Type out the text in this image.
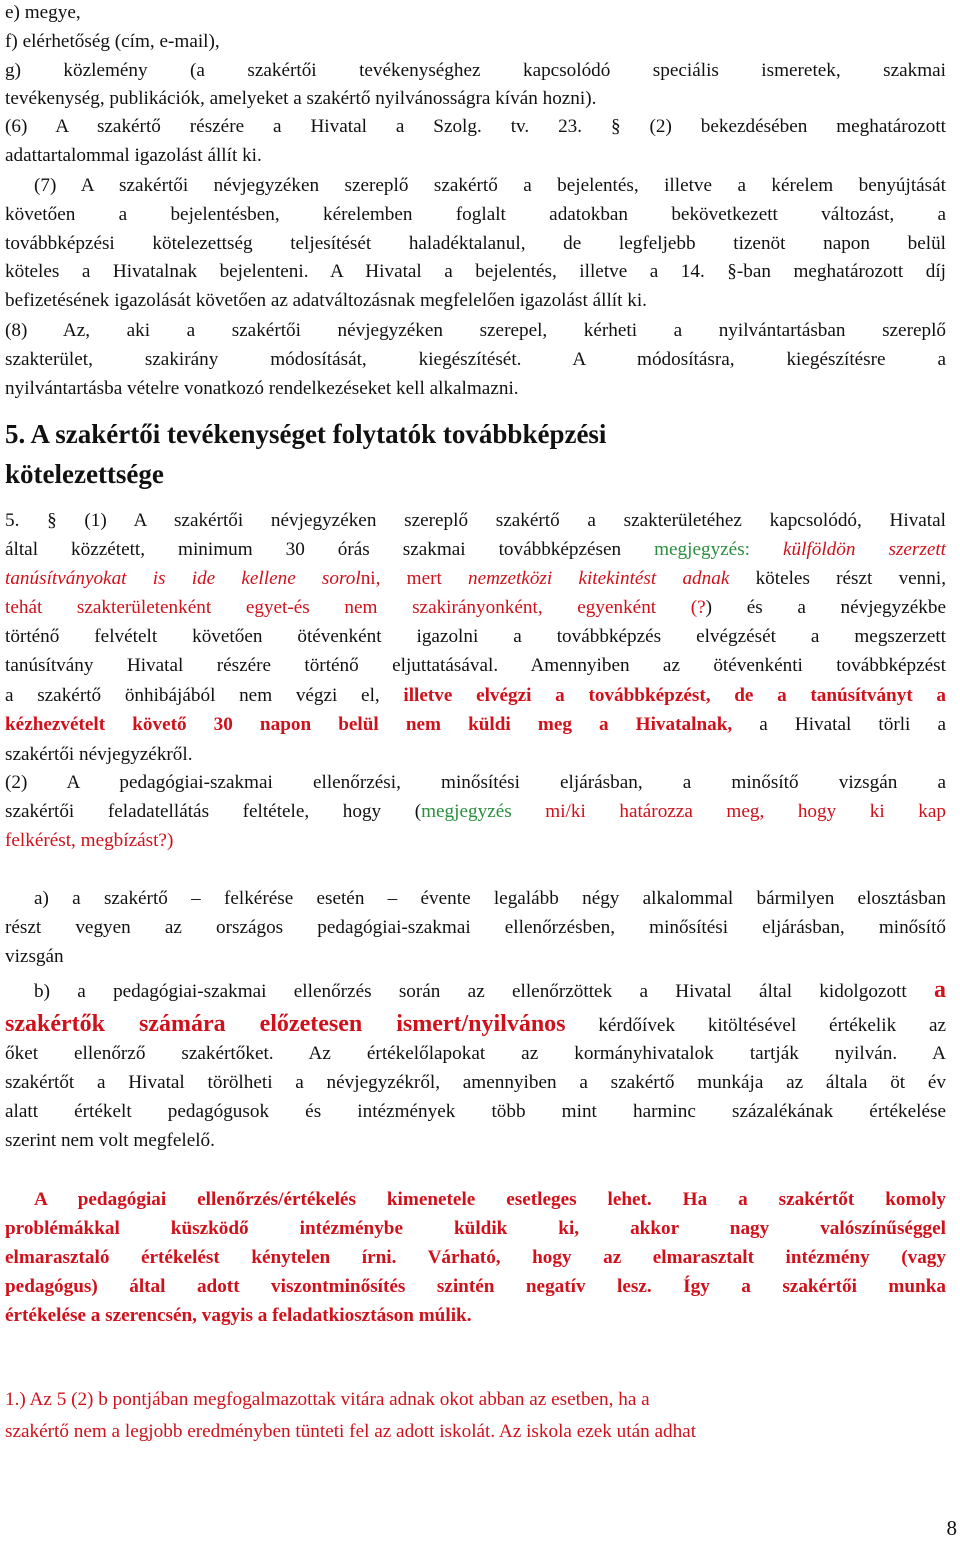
e) megye,
f) elérhetőség (cím, e-mail),
g) közlemény (a szakértői tevékenységhez kapcsolódó speciális ismeretek, szakmai
tevékenység, publikációk, amelyeket a szakértő nyilvánosságra kíván hozni).
(6) A szakértő részére a Hivatal a Szolg. tv. 23. § (2) bekezdésében meghatározott
adattartalommal igazolást állít ki.
(7) A szakértői névjegyzéken szereplő szakértő a bejelentés, illetve a kérelem benyújtását
követően a bejelentésben, kérelemben foglalt adatokban bekövetkezett változást, a
továbbképzési kötelezettség teljesítését haladéktalanul, de legfeljebb tizenöt napon belül
köteles a Hivatalnak bejelenteni. A Hivatal a bejelentés, illetve a 14. §-ban meghatározott díj
befizetésének igazolását követően az adatváltozásnak megfelelően igazolást állít ki.
(8) Az, aki a szakértői névjegyzéken szerepel, kérheti a nyilvántartásban szereplő
szakterület, szakirány módosítását, kiegészítését. A módosításra, kiegészítésre a
nyilvántartásba vételre vonatkozó rendelkezéseket kell alkalmazni.
5. A szakértői tevékenységet folytatók továbbképzési
kötelezettsége
5. § (1) A szakértői névjegyzéken szereplő szakértő a szakterületéhez kapcsolódó, Hivatal
által közzétett, minimum 30 órás szakmai továbbképzésen megjegyzés: külföldön szerzett
tanúsítványokat is ide kellene sorolni, mert nemzetközi kitekintést adnak köteles részt venni,
tehát szakterületenként egyet-és nem szakirányonként, egyenként (?) és a névjegyzékbe
történő felvételt követően ötévenként igazolni a továbbképzés elvégzését a megszerzett
tanúsítvány Hivatal részére történő eljuttatásával. Amennyiben az ötévenkénti továbbképzést
a szakértő önhibájából nem végzi el, illetve elvégzi a továbbképzést, de a tanúsítványt a
kézhezvételt követő 30 napon belül nem küldi meg a Hivatalnak, a Hivatal törli a
szakértői névjegyzékről.
(2) A pedagógiai-szakmai ellenőrzési, minősítési eljárásban, a minősítő vizsgán a
szakértői feladatellátás feltétele, hogy (megjegyzés mi/ki határozza meg, hogy ki kap
felkérést, megbízást?)
a) a szakértő – felkérése esetén – évente legalább négy alkalommal bármilyen elosztásban
részt vegyen az országos pedagógiai-szakmai ellenőrzésben, minősítési eljárásban, minősítő
vizsgán
b) a pedagógiai-szakmai ellenőrzés során az ellenőrzöttek a Hivatal által kidolgozott a
szakértők számára előzetesen ismert/nyilvános kérdőívek kitöltésével értékelik az
őket ellenőrző szakértőket. Az értékelőlapokat az kormányhivatalok tartják nyilván. A
szakértőt a Hivatal törölheti a névjegyzékről, amennyiben a szakértő munkája az általa öt év
alatt értékelt pedagógusok és intézmények több mint harminc százalékának értékelése
szerint nem volt megfelelő.
A pedagógiai ellenőrzés/értékelés kimenetele esetleges lehet. Ha a szakértőt komoly
problémákkal küszködő intézménybe küldik ki, akkor nagy valószínűséggel
elmarasztaló értékelést kénytelen írni. Várható, hogy az elmarasztalt intézmény (vagy
pedagógus) által adott viszontminősítés szintén negatív lesz. Így a szakértői munka
értékelése a szerencsén, vagyis a feladatkiosztáson múlik.
1.) Az 5 (2) b pontjában megfogalmazottak vitára adnak okot abban az esetben, ha a
szakértő nem a legjobb eredményben tünteti fel az adott iskolát. Az iskola ezek után adhat
8
